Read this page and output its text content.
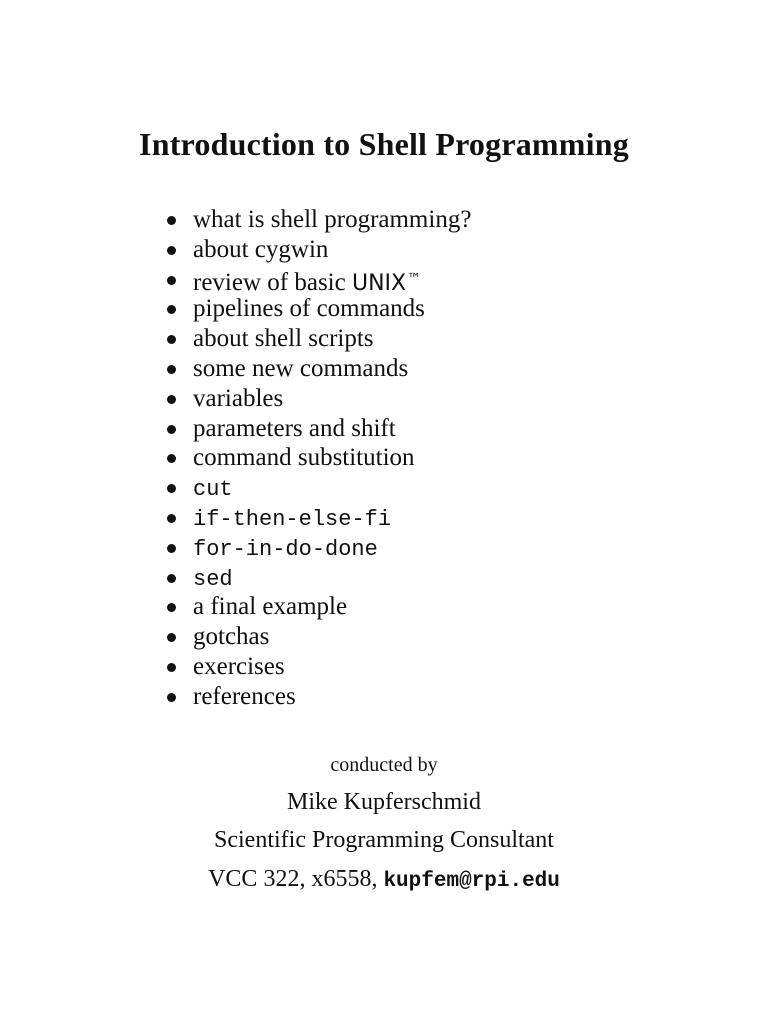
Introduction to Shell Programming
what is shell programming?
about cygwin
review of basic UNIX™
pipelines of commands
about shell scripts
some new commands
variables
parameters and shift
command substitution
cut
if-then-else-fi
for-in-do-done
sed
a final example
gotchas
exercises
references
conducted by
Mike Kupferschmid
Scientific Programming Consultant
VCC 322, x6558, kupfem@rpi.edu
